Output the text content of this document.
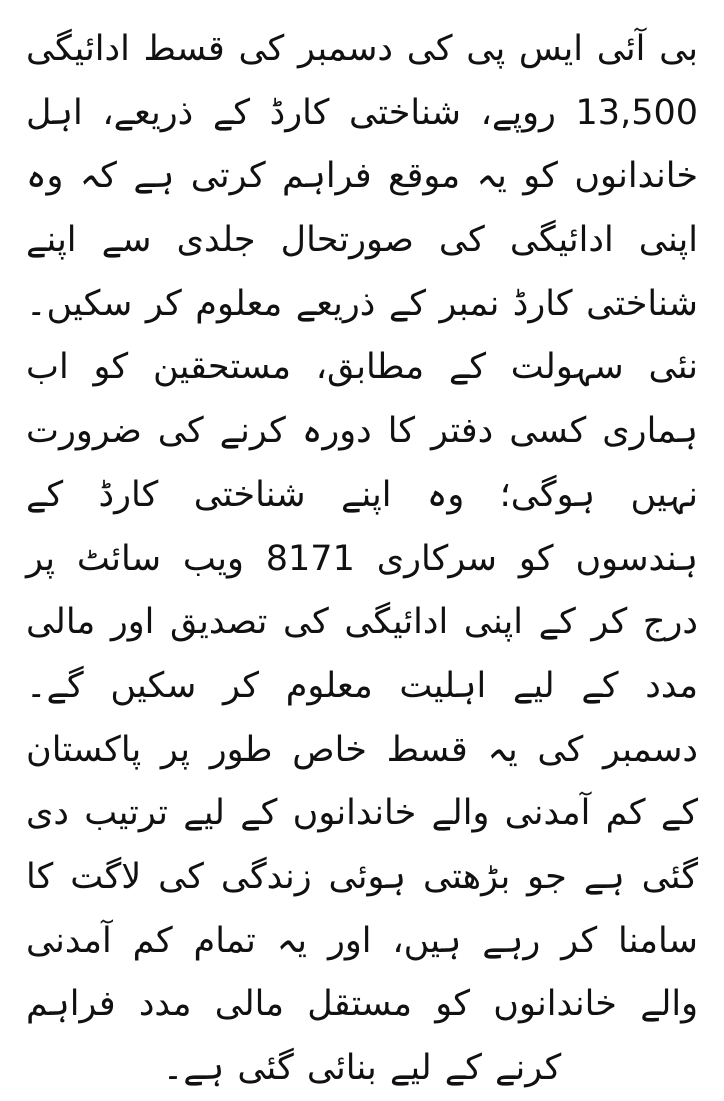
بی آئی ایس پی کی دسمبر کی قسط ادائیگی 13,500 روپے، شناختی کارڈ کے ذریعے، اہل خاندانوں کو یہ موقع فراہم کرتی ہے کہ وہ اپنی ادائیگی کی صورتحال جلدی سے اپنے شناختی کارڈ نمبر کے ذریعے معلوم کر سکیں۔ نئی سہولت کے مطابق، مستحقین کو اب ہماری کسی دفتر کا دورہ کرنے کی ضرورت نہیں ہوگی؛ وہ اپنے شناختی کارڈ کے ہندسوں کو سرکاری 8171 ویب سائٹ پر درج کر کے اپنی ادائیگی کی تصدیق اور مالی مدد کے لیے اہلیت معلوم کر سکیں گے۔ دسمبر کی یہ قسط خاص طور پر پاکستان کے کم آمدنی والے خاندانوں کے لیے ترتیب دی گئی ہے جو بڑھتی ہوئی زندگی کی لاگت کا سامنا کر رہے ہیں، اور یہ تمام کم آمدنی والے خاندانوں کو مستقل مالی مدد فراہم کرنے کے لیے بنائی گئی ہے۔
